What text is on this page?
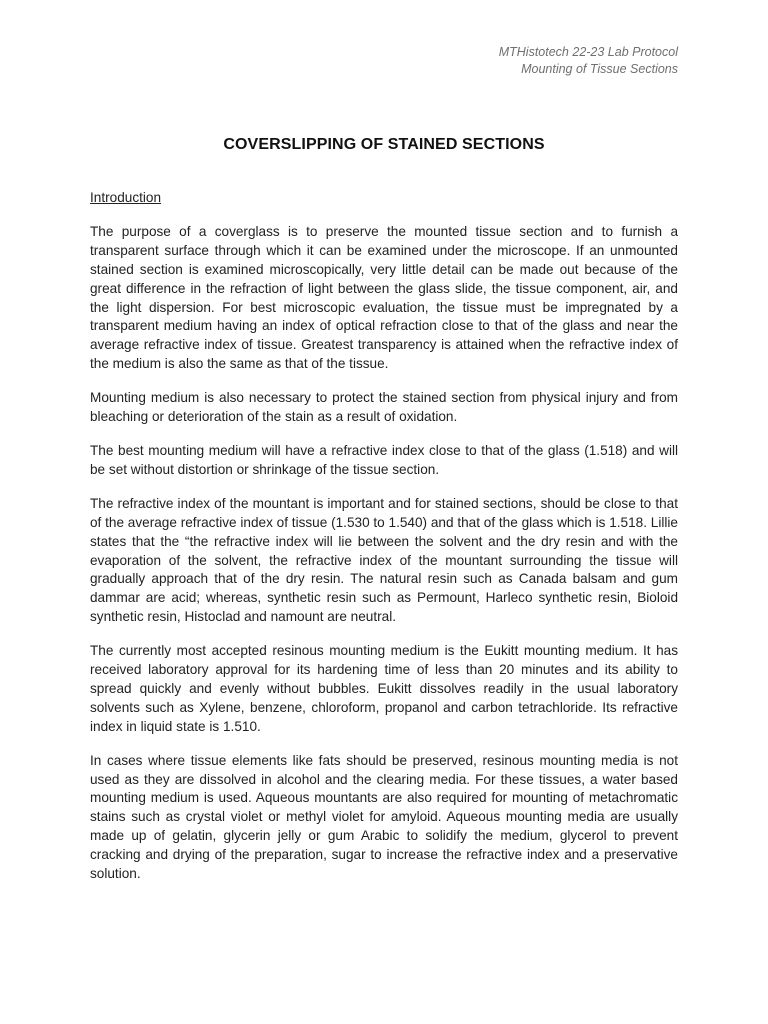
MTHistotech 22-23 Lab Protocol
Mounting of Tissue Sections
COVERSLIPPING OF STAINED SECTIONS
Introduction

The purpose of a coverglass is to preserve the mounted tissue section and to furnish a transparent surface through which it can be examined under the microscope. If an unmounted stained section is examined microscopically, very little detail can be made out because of the great difference in the refraction of light between the glass slide, the tissue component, air, and the light dispersion. For best microscopic evaluation, the tissue must be impregnated by a transparent medium having an index of optical refraction close to that of the glass and near the average refractive index of tissue. Greatest transparency is attained when the refractive index of the medium is also the same as that of the tissue.

Mounting medium is also necessary to protect the stained section from physical injury and from bleaching or deterioration of the stain as a result of oxidation.

The best mounting medium will have a refractive index close to that of the glass (1.518) and will be set without distortion or shrinkage of the tissue section.

The refractive index of the mountant is important and for stained sections, should be close to that of the average refractive index of tissue (1.530 to 1.540) and that of the glass which is 1.518. Lillie states that the “the refractive index will lie between the solvent and the dry resin and with the evaporation of the solvent, the refractive index of the mountant surrounding the tissue will gradually approach that of the dry resin. The natural resin such as Canada balsam and gum dammar are acid; whereas, synthetic resin such as Permount, Harleco synthetic resin, Bioloid synthetic resin, Histoclad and namount are neutral.

The currently most accepted resinous mounting medium is the Eukitt mounting medium. It has received laboratory approval for its hardening time of less than 20 minutes and its ability to spread quickly and evenly without bubbles. Eukitt dissolves readily in the usual laboratory solvents such as Xylene, benzene, chloroform, propanol and carbon tetrachloride. Its refractive index in liquid state is 1.510.

In cases where tissue elements like fats should be preserved, resinous mounting media is not used as they are dissolved in alcohol and the clearing media. For these tissues, a water based mounting medium is used. Aqueous mountants are also required for mounting of metachromatic stains such as crystal violet or methyl violet for amyloid. Aqueous mounting media are usually made up of gelatin, glycerin jelly or gum Arabic to solidify the medium, glycerol to prevent cracking and drying of the preparation, sugar to increase the refractive index and a preservative solution.
